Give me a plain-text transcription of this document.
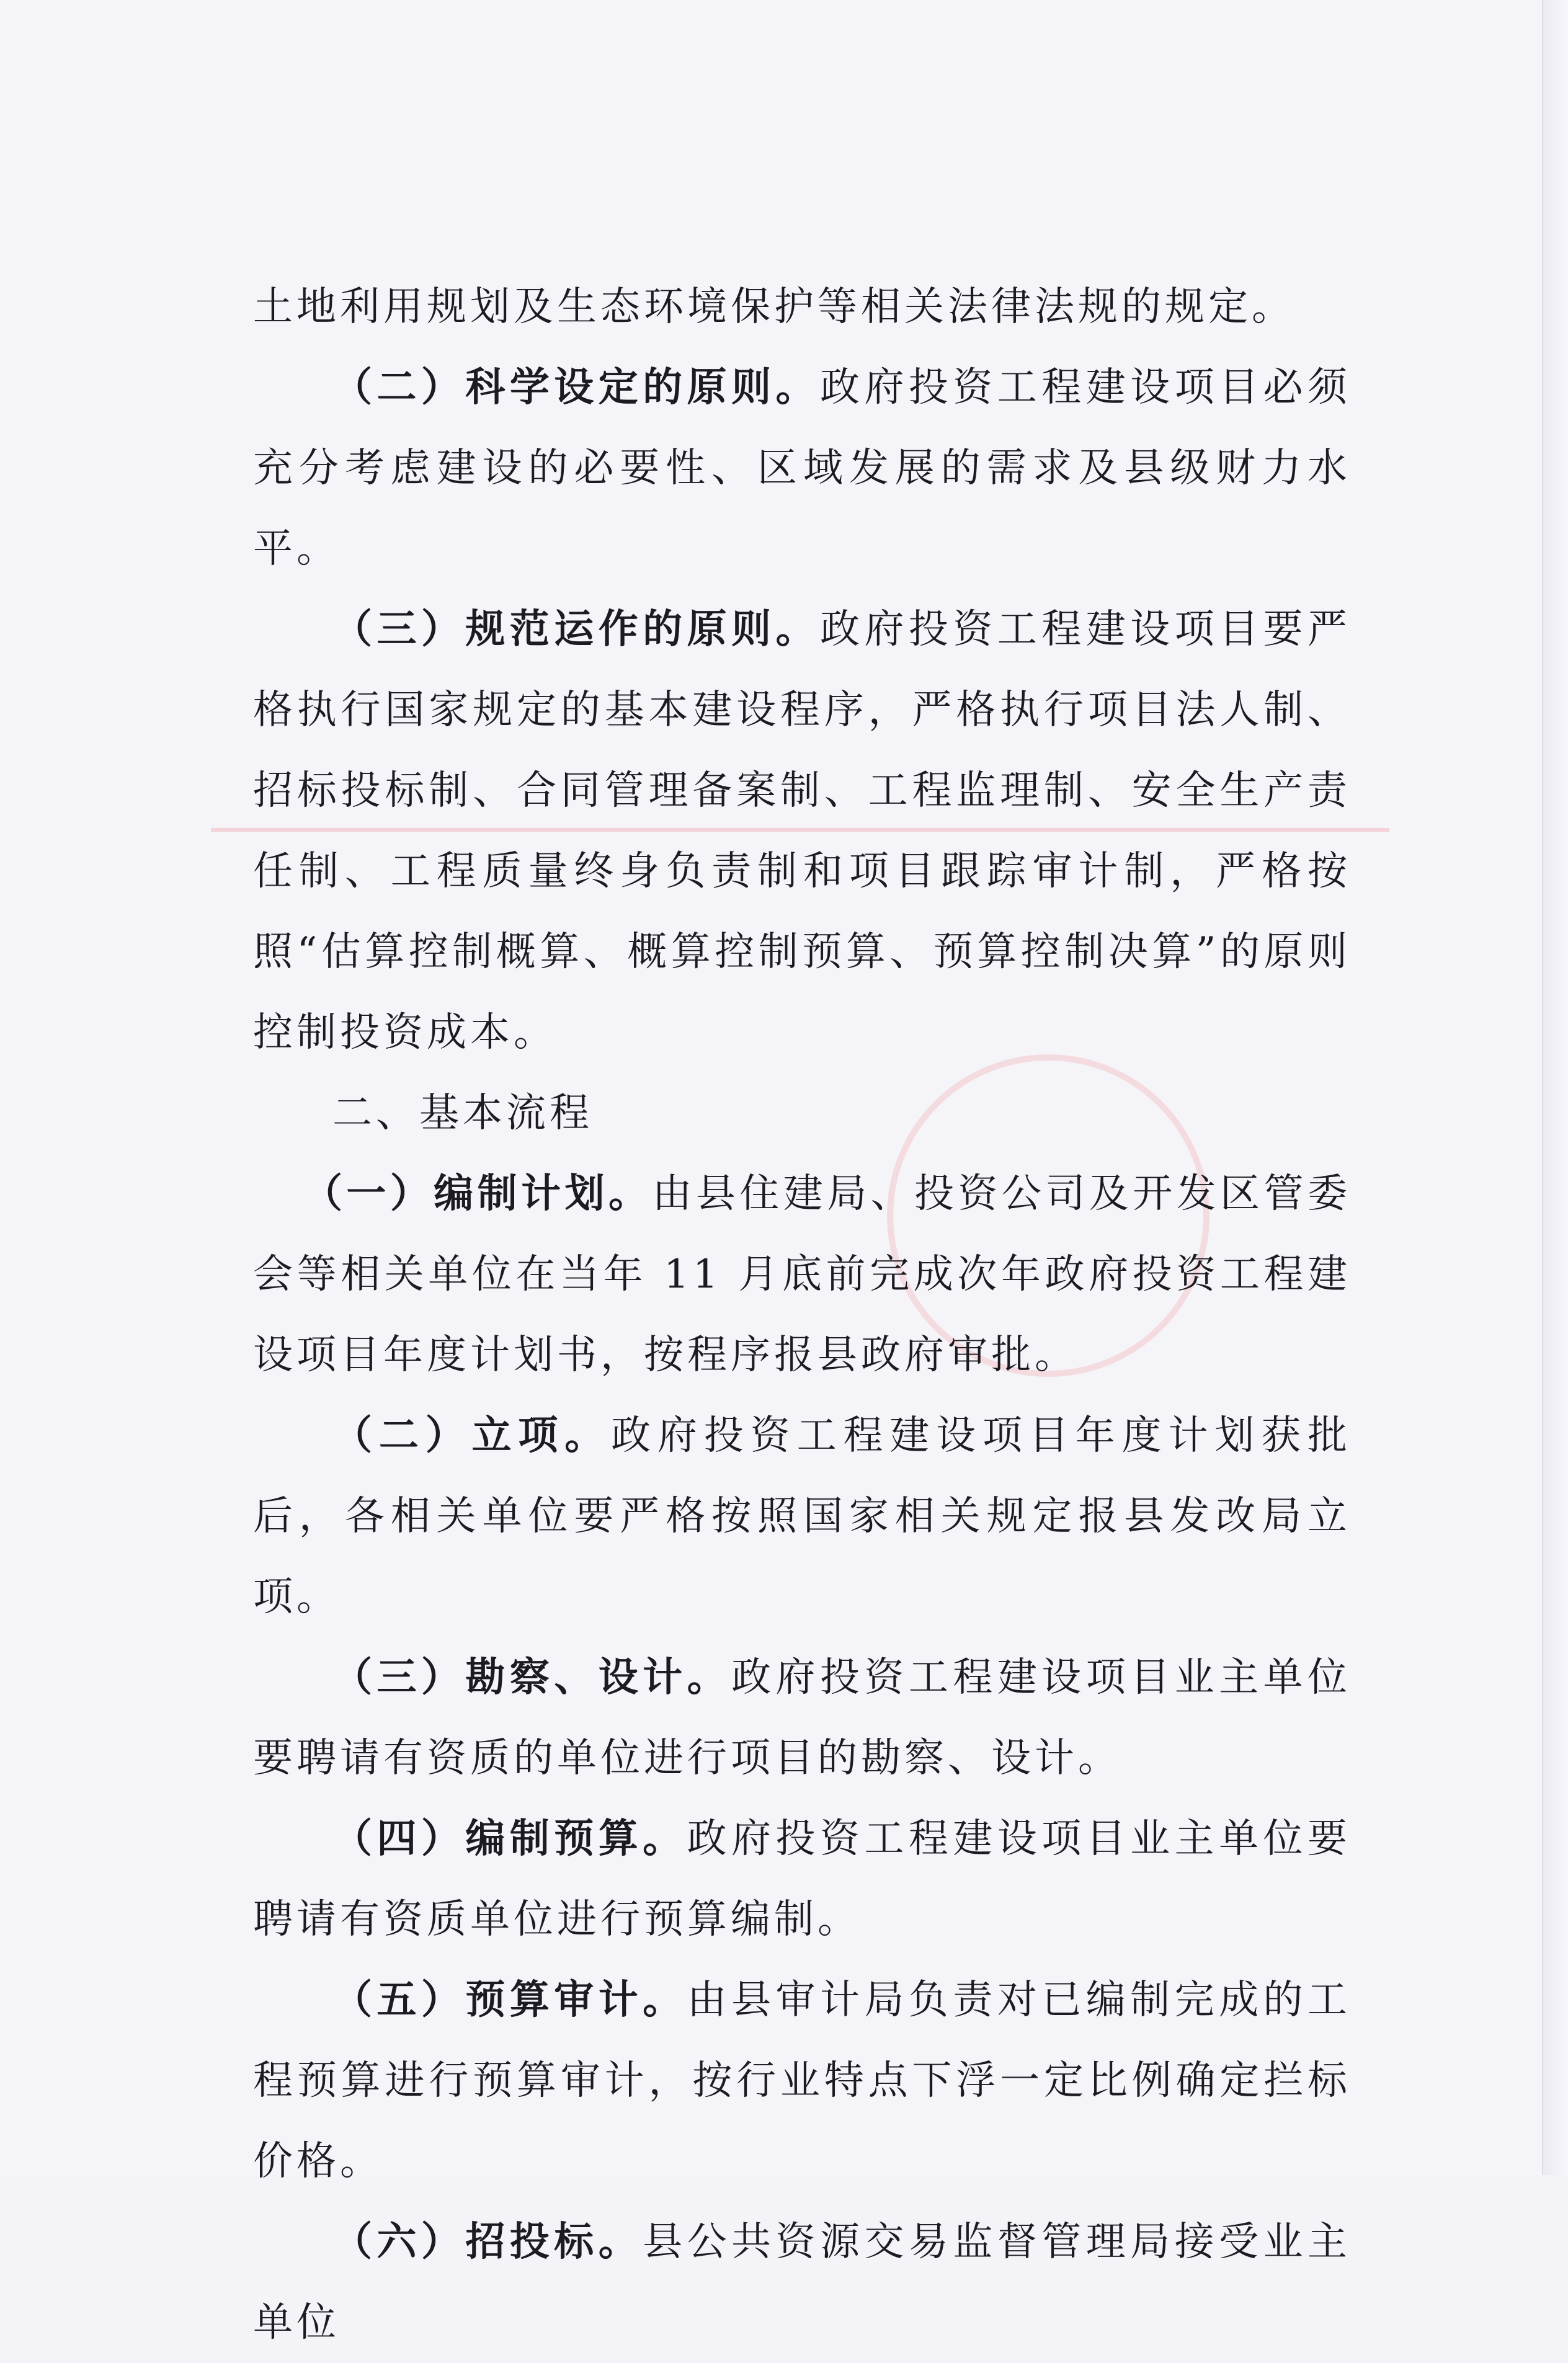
土地利用规划及生态环境保护等相关法律法规的规定。

（二）科学设定的原则。政府投资工程建设项目必须充分考虑建设的必要性、区域发展的需求及县级财力水平。

（三）规范运作的原则。政府投资工程建设项目要严格执行国家规定的基本建设程序，严格执行项目法人制、招标投标制、合同管理备案制、工程监理制、安全生产责任制、工程质量终身负责制和项目跟踪审计制，严格按照“估算控制概算、概算控制预算、预算控制决算”的原则控制投资成本。

二、基本流程

（一）编制计划。由县住建局、投资公司及开发区管委会等相关单位在当年 11 月底前完成次年政府投资工程建设项目年度计划书，按程序报县政府审批。

（二）立项。政府投资工程建设项目年度计划获批后，各相关单位要严格按照国家相关规定报县发改局立项。

（三）勘察、设计。政府投资工程建设项目业主单位要聘请有资质的单位进行项目的勘察、设计。

（四）编制预算。政府投资工程建设项目业主单位要聘请有资质单位进行预算编制。

（五）预算审计。由县审计局负责对已编制完成的工程预算进行预算审计，按行业特点下浮一定比例确定拦标价格。

（六）招投标。县公共资源交易监督管理局接受业主单位
